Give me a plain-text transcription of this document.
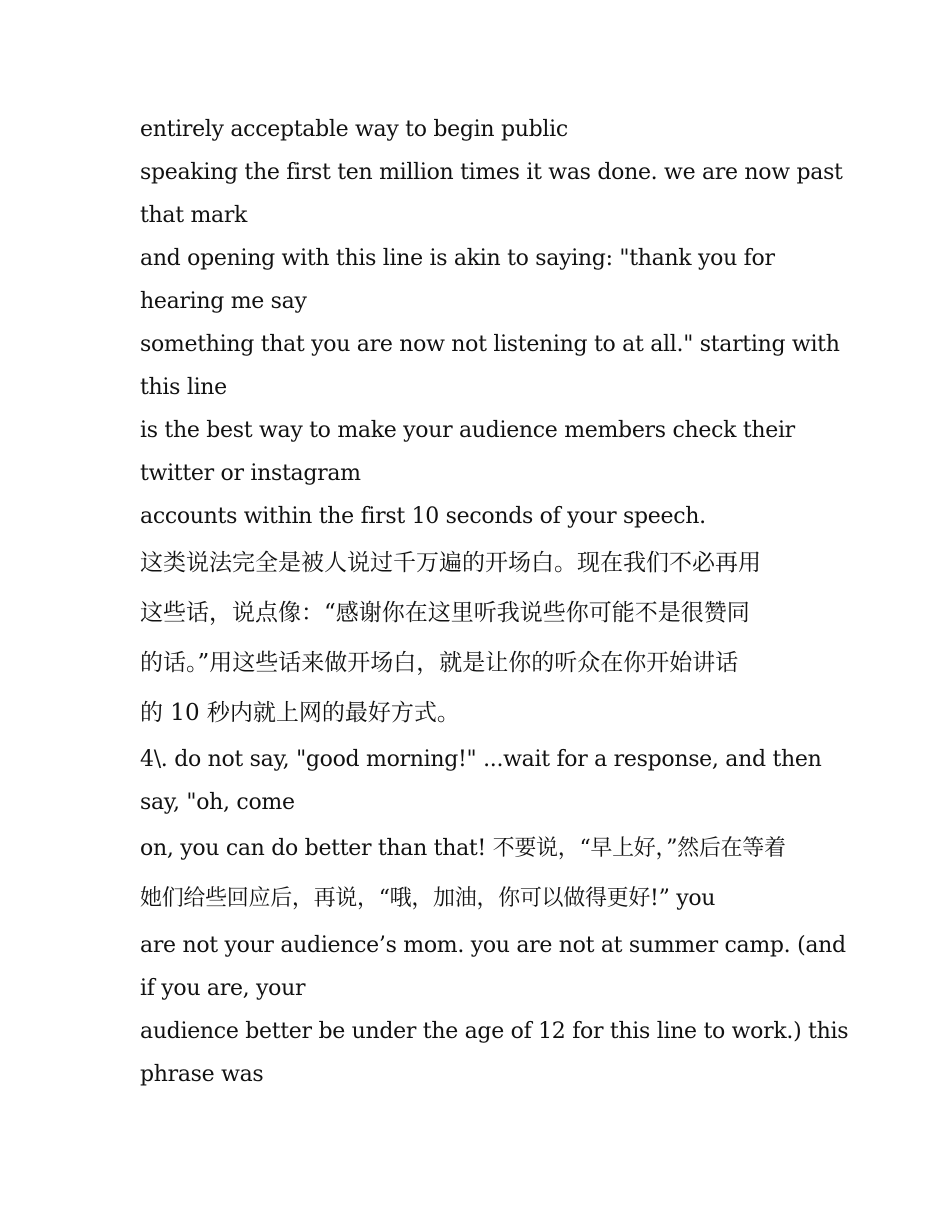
entirely acceptable way to begin public
speaking the first ten million times it was done. we are now past
that mark
and opening with this line is akin to saying: "thank you for
hearing me say
something that you are now not listening to at all." starting with
this line
is the best way to make your audience members check their
twitter or instagram
accounts within the first 10 seconds of your speech.

这类说法完全是被人说过千万遍的开场白。现在我们不必再用
这些话，说点像：“感谢你在这里听我说些你可能不是很赞同
的话。”用这些话来做开场白，就是让你的听众在你开始讲话
的 10 秒内就上网的最好方式。

4\. do not say, "good morning!" ...wait for a response, and then
say, "oh, come

on, you can do better than that! 不要说，“早上好，”然后在等着
她们给些回应后，再说，“哦，加油，你可以做得更好!” you

are not your audience’s mom. you are not at summer camp. (and
if you are, your
audience better be under the age of 12 for this line to work.) this
phrase was
